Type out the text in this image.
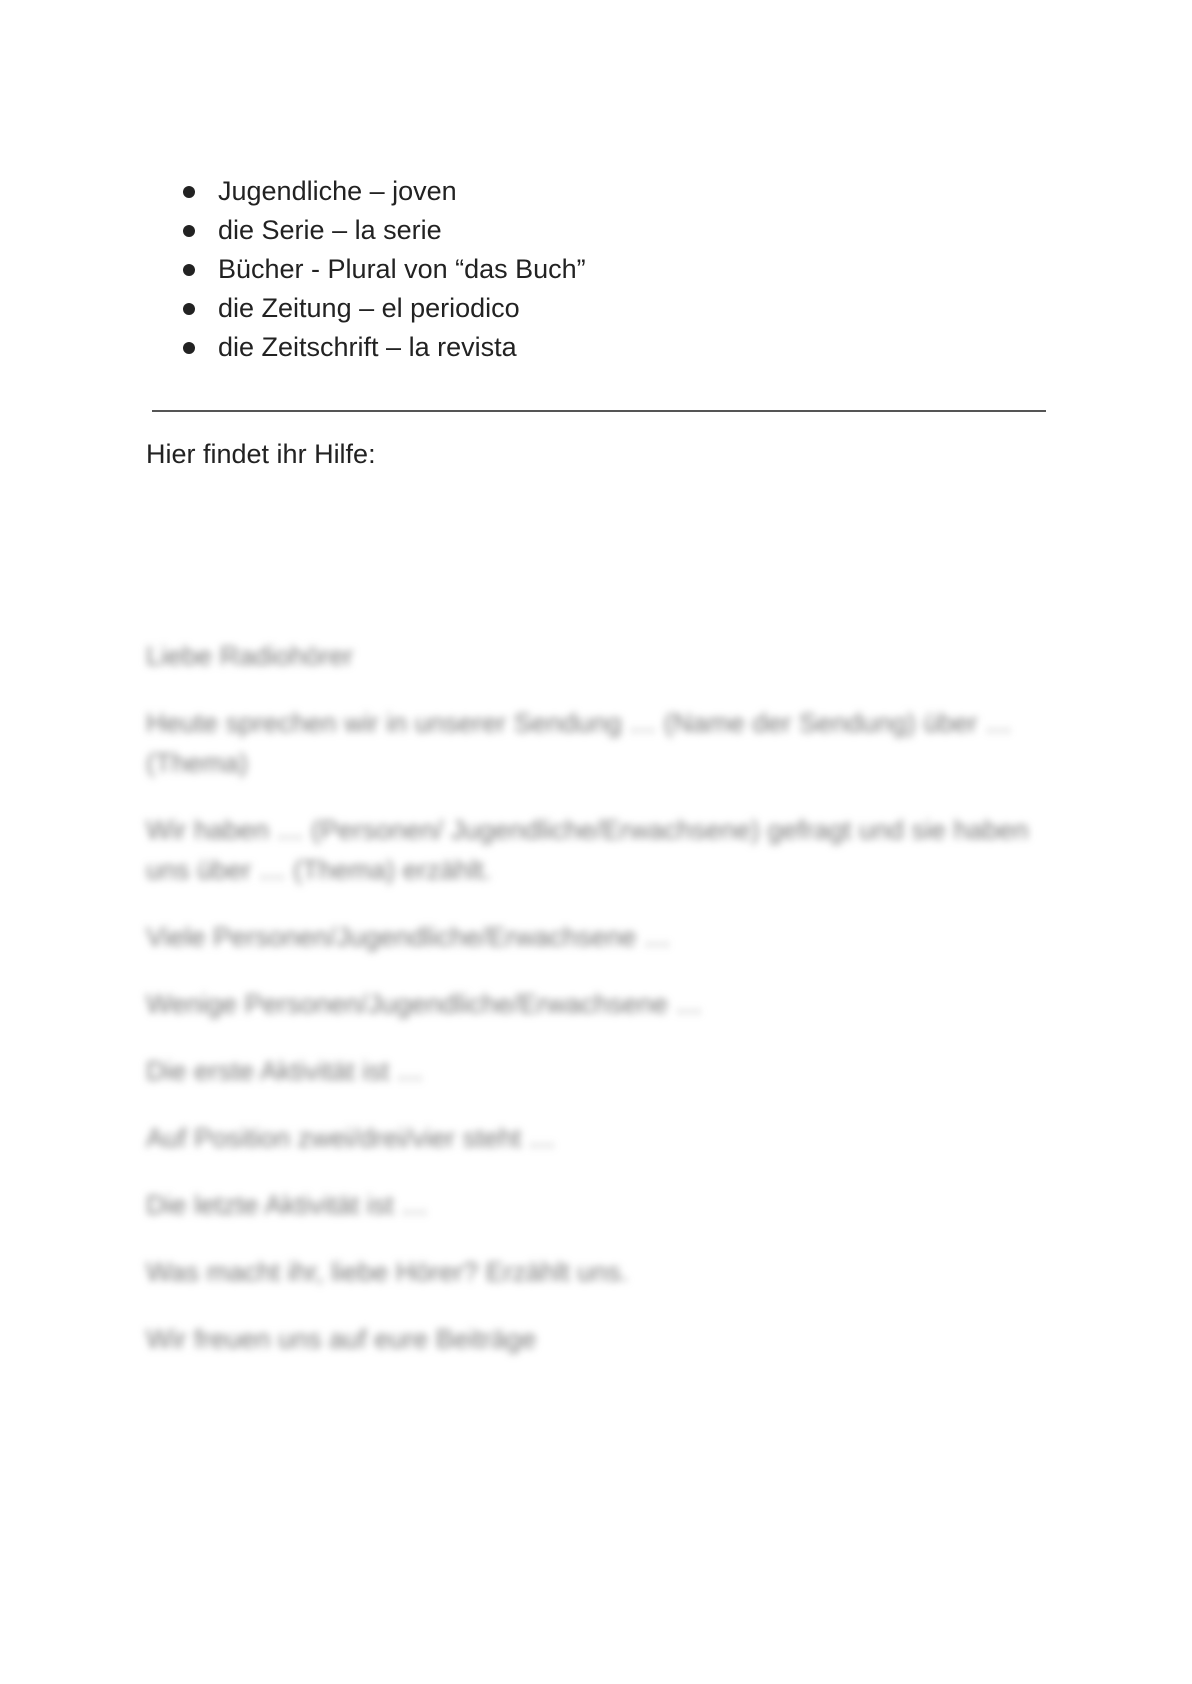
Jugendliche – joven
die Serie – la serie
Bücher - Plural von “das Buch”
die Zeitung – el periodico
die Zeitschrift – la revista
Hier findet ihr Hilfe:

Liebe Radiohörer

Heute sprechen wir in unserer Sendung … (Name der Sendung) über … (Thema)

Wir haben … (Personen/ Jugendliche/Erwachsene) gefragt und sie haben uns über … (Thema) erzählt.

Viele Personen/Jugendliche/Erwachsene …

Wenige Personen/Jugendliche/Erwachsene …

Die erste Aktivität ist …

Auf Position zwei/drei/vier steht …

Die letzte Aktivität ist …

Was macht ihr, liebe Hörer? Erzählt uns.

Wir freuen uns auf eure Beiträge
